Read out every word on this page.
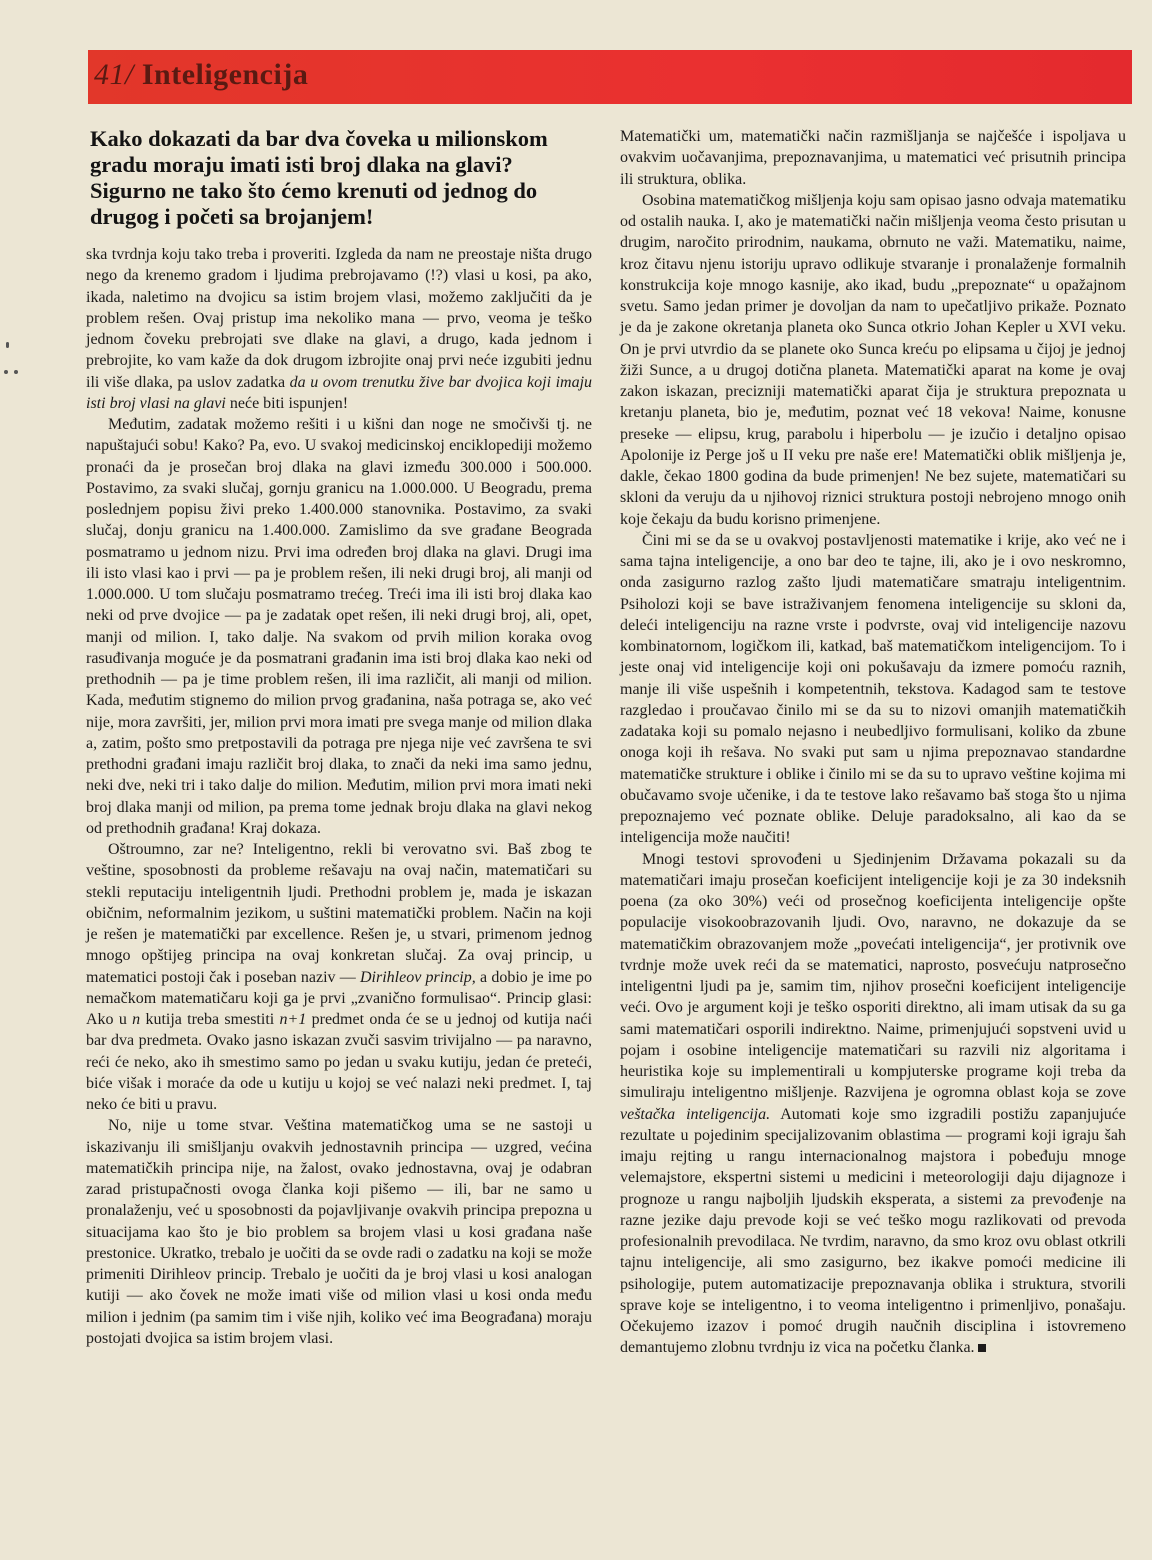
41/ Inteligencija
Kako dokazati da bar dva čoveka u milionskom gradu moraju imati isti broj dlaka na glavi? Sigurno ne tako što ćemo krenuti od jednog do drugog i početi sa brojanjem!

ska tvrdnja koju tako treba i proveriti. Izgleda da nam ne preostaje ništa drugo nego da krenemo gradom i ljudima prebrojavamo (!?) vlasi u kosi, pa ako, ikada, naletimo na dvojicu sa istim brojem vlasi, možemo zaključiti da je problem rešen. Ovaj pristup ima nekoliko mana — prvo, veoma je teško jednom čoveku prebrojati sve dlake na glavi, a drugo, kada jednom i prebrojite, ko vam kaže da dok drugom izbrojite onaj prvi neće izgubiti jednu ili više dlaka, pa uslov zadatka da u ovom trenutku žive bar dvojica koji imaju isti broj vlasi na glavi neće biti ispunjen!

Međutim, zadatak možemo rešiti i u kišni dan noge ne smočivši tj. ne napuštajući sobu! Kako? Pa, evo. U svakoj medicinskoj enciklopediji možemo pronaći da je prosečan broj dlaka na glavi između 300.000 i 500.000. Postavimo, za svaki slučaj, gornju granicu na 1.000.000. U Beogradu, prema poslednjem popisu živi preko 1.400.000 stanovnika. Postavimo, za svaki slučaj, donju granicu na 1.400.000. Zamislimo da sve građane Beograda posmatramo u jednom nizu. Prvi ima određen broj dlaka na glavi. Drugi ima ili isto vlasi kao i prvi — pa je problem rešen, ili neki drugi broj, ali manji od 1.000.000. U tom slučaju posmatramo trećeg. Treći ima ili isti broj dlaka kao neki od prve dvojice — pa je zadatak opet rešen, ili neki drugi broj, ali, opet, manji od milion. I, tako dalje. Na svakom od prvih milion koraka ovog rasuđivanja moguće je da posmatrani građanin ima isti broj dlaka kao neki od prethodnih — pa je time problem rešen, ili ima različit, ali manji od milion. Kada, međutim stignemo do milion prvog građanina, naša potraga se, ako već nije, mora završiti, jer, milion prvi mora imati pre svega manje od milion dlaka a, zatim, pošto smo pretpostavili da potraga pre njega nije već završena te svi prethodni građani imaju različit broj dlaka, to znači da neki ima samo jednu, neki dve, neki tri i tako dalje do milion. Međutim, milion prvi mora imati neki broj dlaka manji od milion, pa prema tome jednak broju dlaka na glavi nekog od prethodnih građana! Kraj dokaza.

Oštroumno, zar ne? Inteligentno, rekli bi verovatno svi. Baš zbog te veštine, sposobnosti da probleme rešavaju na ovaj način, matematičari su stekli reputaciju inteligentnih ljudi. Prethodni problem je, mada je iskazan običnim, neformalnim jezikom, u suštini matematički problem. Način na koji je rešen je matematički par excellence. Rešen je, u stvari, primenom jednog mnogo opštijeg principa na ovaj konkretan slučaj. Za ovaj princip, u matematici postoji čak i poseban naziv — Dirihleov princip, a dobio je ime po nemačkom matematičaru koji ga je prvi „zvanično formulisao“. Princip glasi: Ako u n kutija treba smestiti n+1 predmet onda će se u jednoj od kutija naći bar dva predmeta. Ovako jasno iskazan zvuči sasvim trivijalno — pa naravno, reći će neko, ako ih smestimo samo po jedan u svaku kutiju, jedan će preteći, biće višak i moraće da ode u kutiju u kojoj se već nalazi neki predmet. I, taj neko će biti u pravu.

No, nije u tome stvar. Veština matematičkog uma se ne sastoji u iskazivanju ili smišljanju ovakvih jednostavnih principa — uzgred, većina matematičkih principa nije, na žalost, ovako jednostavna, ovaj je odabran zarad pristupačnosti ovoga članka koji pišemo — ili, bar ne samo u pronalaženju, već u sposobnosti da pojavljivanje ovakvih principa prepozna u situacijama kao što je bio problem sa brojem vlasi u kosi građana naše prestonice. Ukratko, trebalo je uočiti da se ovde radi o zadatku na koji se može primeniti Dirihleov princip. Trebalo je uočiti da je broj vlasi u kosi analogan kutiji — ako čovek ne može imati više od milion vlasi u kosi onda među milion i jednim (pa samim tim i više njih, koliko već ima Beograđana) moraju postojati dvojica sa istim brojem vlasi.

Matematički um, matematički način razmišljanja se najčešće i ispoljava u ovakvim uočavanjima, prepoznavanjima, u matematici već prisutnih principa ili struktura, oblika.

Osobina matematičkog mišljenja koju sam opisao jasno odvaja matematiku od ostalih nauka. I, ako je matematički način mišljenja veoma često prisutan u drugim, naročito prirodnim, naukama, obrnuto ne važi. Matematiku, naime, kroz čitavu njenu istoriju upravo odlikuje stvaranje i pronalaženje formalnih konstrukcija koje mnogo kasnije, ako ikad, budu „prepoznate“ u opažajnom svetu. Samo jedan primer je dovoljan da nam to upečatljivo prikaže. Poznato je da je zakone okretanja planeta oko Sunca otkrio Johan Kepler u XVI veku. On je prvi utvrdio da se planete oko Sunca kreću po elipsama u čijoj je jednoj žiži Sunce, a u drugoj dotična planeta. Matematički aparat na kome je ovaj zakon iskazan, precizniji matematički aparat čija je struktura prepoznata u kretanju planeta, bio je, međutim, poznat već 18 vekova! Naime, konusne preseke — elipsu, krug, parabolu i hiperbolu — je izučio i detaljno opisao Apolonije iz Perge još u II veku pre naše ere! Matematički oblik mišljenja je, dakle, čekao 1800 godina da bude primenjen! Ne bez sujete, matematičari su skloni da veruju da u njihovoj riznici struktura postoji nebrojeno mnogo onih koje čekaju da budu korisno primenjene.

Čini mi se da se u ovakvoj postavljenosti matematike i krije, ako već ne i sama tajna inteligencije, a ono bar deo te tajne, ili, ako je i ovo neskromno, onda zasigurno razlog zašto ljudi matematičare smatraju inteligentnim. Psiholozi koji se bave istraživanjem fenomena inteligencije su skloni da, deleći inteligenciju na razne vrste i podvrste, ovaj vid inteligencije nazovu kombinatornom, logičkom ili, katkad, baš matematičkom inteligencijom. To i jeste onaj vid inteligencije koji oni pokušavaju da izmere pomoću raznih, manje ili više uspešnih i kompetentnih, tekstova. Kadagod sam te testove razgledao i proučavao činilo mi se da su to nizovi omanjih matematičkih zadataka koji su pomalo nejasno i neubedljivo formulisani, koliko da zbune onoga koji ih rešava. No svaki put sam u njima prepoznavao standardne matematičke strukture i oblike i činilo mi se da su to upravo veštine kojima mi obučavamo svoje učenike, i da te testove lako rešavamo baš stoga što u njima prepoznajemo već poznate oblike. Deluje paradoksalno, ali kao da se inteligencija može naučiti!

Mnogi testovi sprovođeni u Sjedinjenim Državama pokazali su da matematičari imaju prosečan koeficijent inteligencije koji je za 30 indeksnih poena (za oko 30%) veći od prosečnog koeficijenta inteligencije opšte populacije visokoobrazovanih ljudi. Ovo, naravno, ne dokazuje da se matematičkim obrazovanjem može „povećati inteligencija“, jer protivnik ove tvrdnje može uvek reći da se matematici, naprosto, posvećuju natprosečno inteligentni ljudi pa je, samim tim, njihov prosečni koeficijent inteligencije veći. Ovo je argument koji je teško osporiti direktno, ali imam utisak da su ga sami matematičari osporili indirektno. Naime, primenjujući sopstveni uvid u pojam i osobine inteligencije matematičari su razvili niz algoritama i heuristika koje su implementirali u kompjuterske programe koji treba da simuliraju inteligentno mišljenje. Razvijena je ogromna oblast koja se zove veštačka inteligencija. Automati koje smo izgradili postižu zapanjujuće rezultate u pojedinim specijalizovanim oblastima — programi koji igraju šah imaju rejting u rangu internacionalnog majstora i pobeđuju mnoge velemajstore, ekspertni sistemi u medicini i meteorologiji daju dijagnoze i prognoze u rangu najboljih ljudskih eksperata, a sistemi za prevođenje na razne jezike daju prevode koji se već teško mogu razlikovati od prevoda profesionalnih prevodilaca. Ne tvrdim, naravno, da smo kroz ovu oblast otkrili tajnu inteligencije, ali smo zasigurno, bez ikakve pomoći medicine ili psihologije, putem automatizacije prepoznavanja oblika i struktura, stvorili sprave koje se inteligentno, i to veoma inteligentno i primenljivo, ponašaju. Očekujemo izazov i pomoć drugih naučnih disciplina i istovremeno demantujemo zlobnu tvrdnju iz vica na početku članka.
